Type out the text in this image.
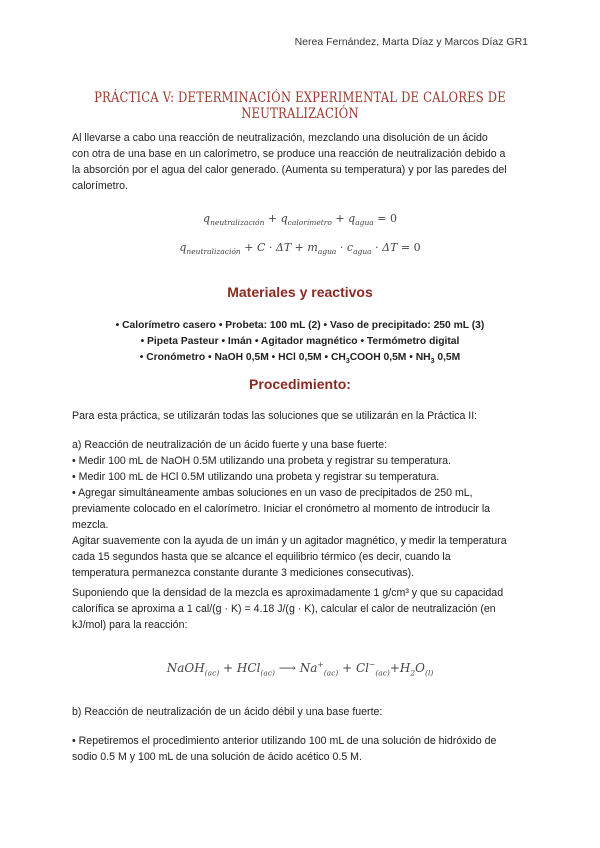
Nerea Fernández, Marta Díaz y Marcos Díaz GR1
PRÁCTICA V: DETERMINACIÓN EXPERIMENTAL DE CALORES DE NEUTRALIZACIÓN
Al llevarse a cabo una reacción de neutralización, mezclando una disolución de un ácido
con otra de una base en un calorímetro, se produce una reacción de neutralización debido a
la absorción por el agua del calor generado. (Aumenta su temperatura) y por las paredes del
calorímetro.
$q_{neutralización} + q_{calorímetro} + q_{agua} = 0$
$q_{neutralización} + C \cdot \Delta T + m_{agua} \cdot c_{agua} \cdot \Delta T = 0$
Materiales y reactivos
• Calorímetro casero • Probeta: 100 mL (2) • Vaso de precipitado: 250 mL (3)
• Pipeta Pasteur • Imán • Agitador magnético • Termómetro digital
• Cronómetro • NaOH 0,5M • HCl 0,5M • $CH_3COOH$ 0,5M • $NH_3$ 0,5M
Procedimiento:
Para esta práctica, se utilizarán todas las soluciones que se utilizarán en la Práctica II:
a) Reacción de neutralización de un ácido fuerte y una base fuerte:
• Medir 100 mL de NaOH 0.5M utilizando una probeta y registrar su temperatura.
• Medir 100 mL de HCl 0.5M utilizando una probeta y registrar su temperatura.
• Agregar simultáneamente ambas soluciones en un vaso de precipitados de 250 mL,
previamente colocado en el calorímetro. Iniciar el cronómetro al momento de introducir la
mezcla.
Agitar suavemente con la ayuda de un imán y un agitador magnético, y medir la temperatura
cada 15 segundos hasta que se alcance el equilibrio térmico (es decir, cuando la
temperatura permanezca constante durante 3 mediciones consecutivas).
Suponiendo que la densidad de la mezcla es aproximadamente 1 g/cm³ y que su capacidad
calorífica se aproxima a 1 cal/(g · K) = 4.18 J/(g · K), calcular el calor de neutralización (en
kJ/mol) para la reacción:
NaOH$_{(ac)}$ + HCl$_{(ac)}$ ⟶ $Na^+_{(ac)} + Cl^-_{(ac)}+H_2O_{(l)}$
b) Reacción de neutralización de un ácido débil y una base fuerte:
• Repetiremos el procedimiento anterior utilizando 100 mL de una solución de hidróxido de
sodio 0.5 M y 100 mL de una solución de ácido acético 0.5 M.
